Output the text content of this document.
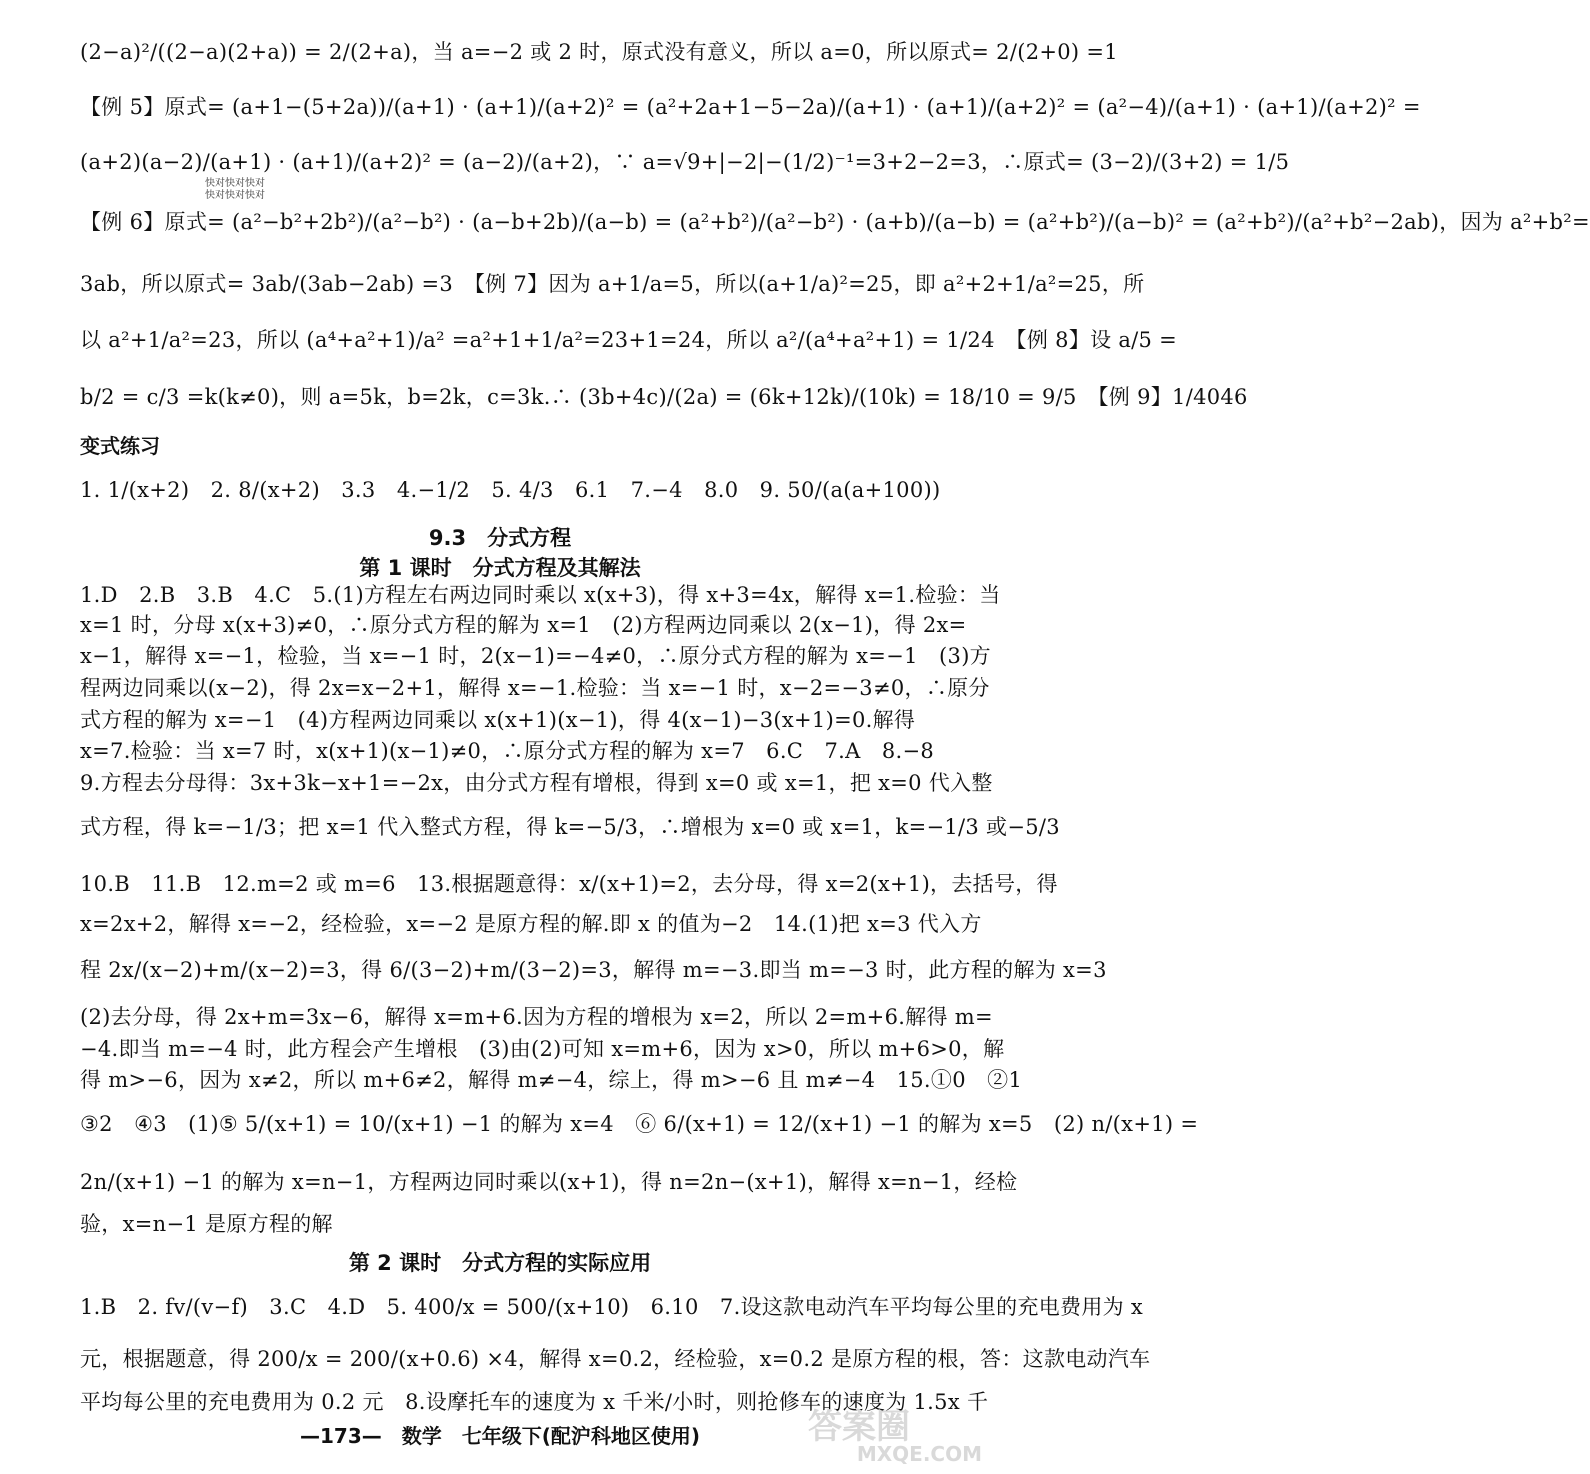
(2−a)²/((2−a)(2+a)) = 2/(2+a)，当 a=−2 或 2 时，原式没有意义，所以 a=0，所以原式= 2/(2+0) =1
【例 5】原式= (a+1−(5+2a))/(a+1) · (a+1)/(a+2)² = (a²+2a+1−5−2a)/(a+1) · (a+1)/(a+2)² = (a²−4)/(a+1) · (a+1)/(a+2)² =
(a+2)(a−2)/(a+1) · (a+1)/(a+2)² = (a−2)/(a+2)，∵ a=√9+|−2|−(1/2)⁻¹=3+2−2=3，∴原式= (3−2)/(3+2) = 1/5
快对快对快对
快对快对快对
【例 6】原式= (a²−b²+2b²)/(a²−b²) · (a−b+2b)/(a−b) = (a²+b²)/(a²−b²) · (a+b)/(a−b) = (a²+b²)/(a−b)² = (a²+b²)/(a²+b²−2ab)，因为 a²+b²=
3ab，所以原式= 3ab/(3ab−2ab) =3　【例 7】因为 a+1/a=5，所以(a+1/a)²=25，即 a²+2+1/a²=25，所
以 a²+1/a²=23，所以 (a⁴+a²+1)/a² =a²+1+1/a²=23+1=24，所以 a²/(a⁴+a²+1) = 1/24　【例 8】设 a/5 =
b/2 = c/3 =k(k≠0)，则 a=5k，b=2k，c=3k.∴ (3b+4c)/(2a) = (6k+12k)/(10k) = 18/10 = 9/5　【例 9】1/4046
变式练习
1. 1/(x+2)　2. 8/(x+2)　3.3　4.−1/2　5. 4/3　6.1　7.−4　8.0　9. 50/(a(a+100))
9.3　分式方程
第 1 课时　分式方程及其解法
1.D　2.B　3.B　4.C　5.(1)方程左右两边同时乘以 x(x+3)，得 x+3=4x，解得 x=1.检验：当
x=1 时，分母 x(x+3)≠0，∴原分式方程的解为 x=1　(2)方程两边同乘以 2(x−1)，得 2x=
x−1，解得 x=−1，检验，当 x=−1 时，2(x−1)=−4≠0，∴原分式方程的解为 x=−1　(3)方
程两边同乘以(x−2)，得 2x=x−2+1，解得 x=−1.检验：当 x=−1 时，x−2=−3≠0，∴原分
式方程的解为 x=−1　(4)方程两边同乘以 x(x+1)(x−1)，得 4(x−1)−3(x+1)=0.解得
x=7.检验：当 x=7 时，x(x+1)(x−1)≠0，∴原分式方程的解为 x=7　6.C　7.A　8.−8
9.方程去分母得：3x+3k−x+1=−2x，由分式方程有增根，得到 x=0 或 x=1，把 x=0 代入整
式方程，得 k=−1/3；把 x=1 代入整式方程，得 k=−5/3，∴增根为 x=0 或 x=1，k=−1/3 或−5/3
10.B　11.B　12.m=2 或 m=6　13.根据题意得：x/(x+1)=2，去分母，得 x=2(x+1)，去括号，得
x=2x+2，解得 x=−2，经检验，x=−2 是原方程的解.即 x 的值为−2　14.(1)把 x=3 代入方
程 2x/(x−2)+m/(x−2)=3，得 6/(3−2)+m/(3−2)=3，解得 m=−3.即当 m=−3 时，此方程的解为 x=3
(2)去分母，得 2x+m=3x−6，解得 x=m+6.因为方程的增根为 x=2，所以 2=m+6.解得 m=
−4.即当 m=−4 时，此方程会产生增根　(3)由(2)可知 x=m+6，因为 x>0，所以 m+6>0，解
得 m>−6，因为 x≠2，所以 m+6≠2，解得 m≠−4，综上，得 m>−6 且 m≠−4　15.①0　②1
③2　④3　(1)⑤ 5/(x+1) = 10/(x+1) −1 的解为 x=4　⑥ 6/(x+1) = 12/(x+1) −1 的解为 x=5　(2) n/(x+1) =
2n/(x+1) −1 的解为 x=n−1，方程两边同时乘以(x+1)，得 n=2n−(x+1)，解得 x=n−1，经检
验，x=n−1 是原方程的解
第 2 课时　分式方程的实际应用
1.B　2. fv/(v−f)　3.C　4.D　5. 400/x = 500/(x+10)　6.10　7.设这款电动汽车平均每公里的充电费用为 x
元，根据题意，得 200/x = 200/(x+0.6) ×4，解得 x=0.2，经检验，x=0.2 是原方程的根，答：这款电动汽车
平均每公里的充电费用为 0.2 元　8.设摩托车的速度为 x 千米/小时，则抢修车的速度为 1.5x 千
—173—　数学　七年级下(配沪科地区使用)	答案圈
MXQE.COM
